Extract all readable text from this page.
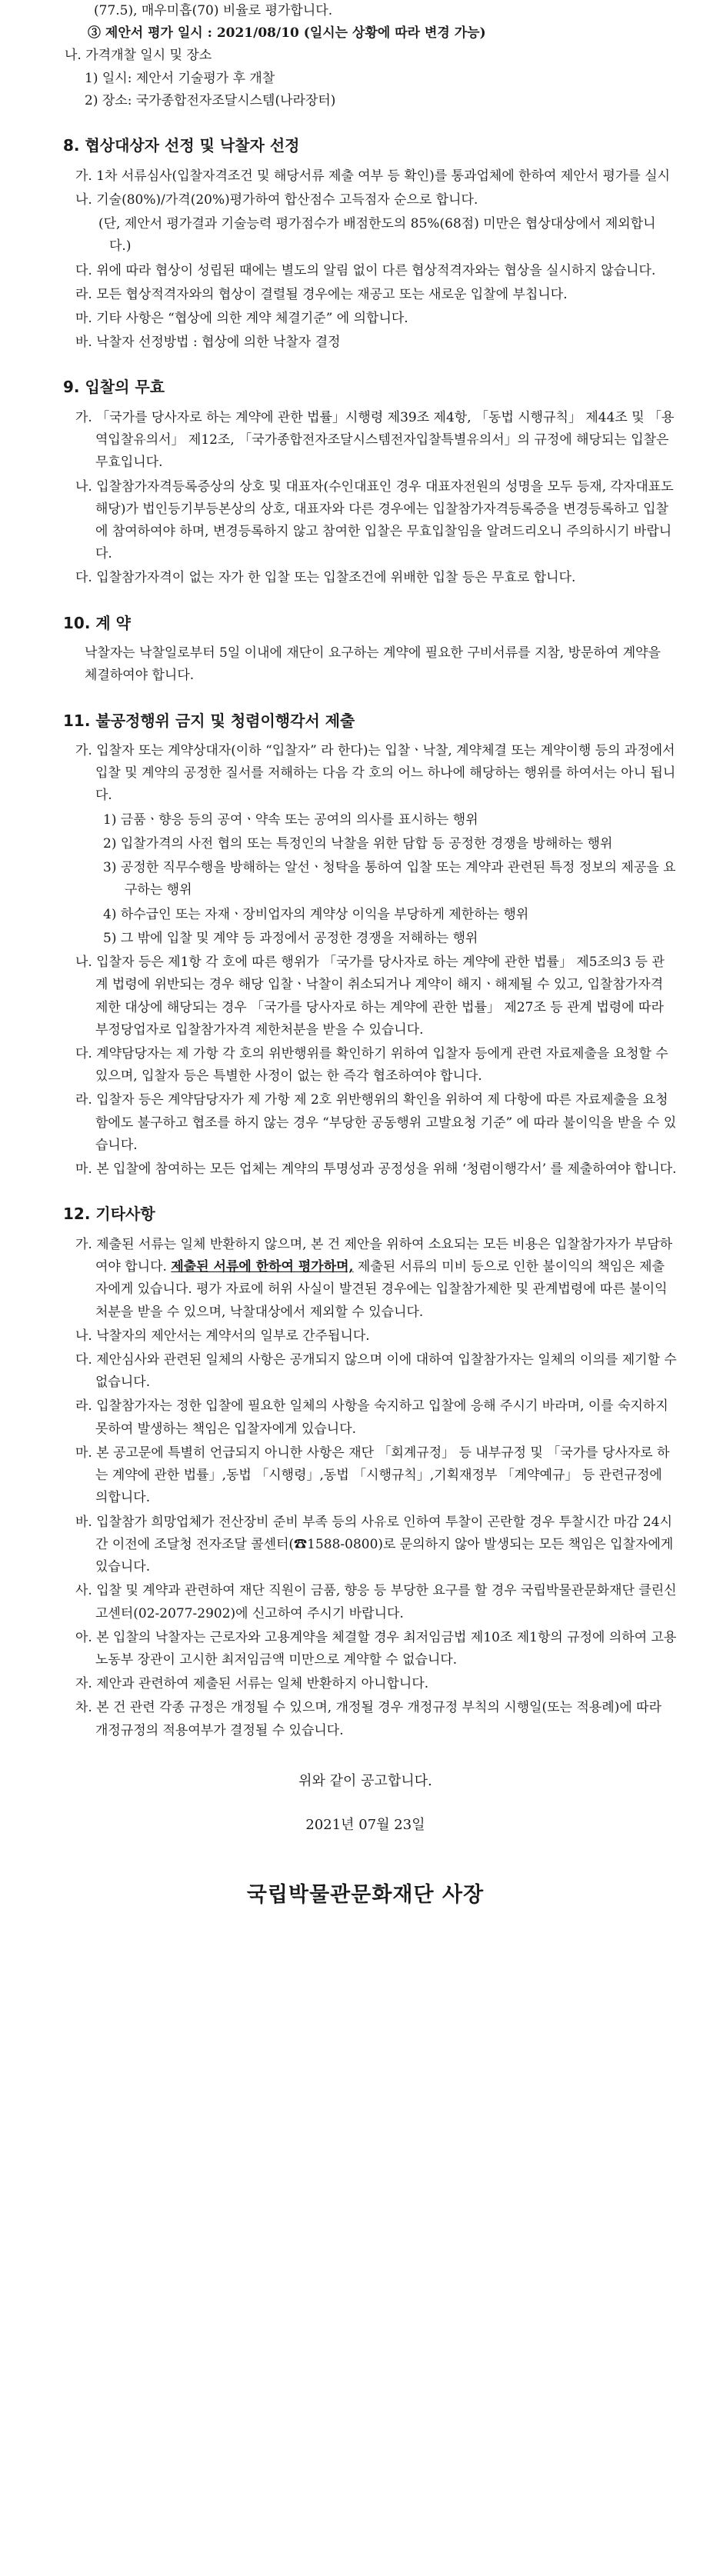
(77.5), 매우미흡(70) 비율로 평가합니다.

③ 제안서 평가 일시 : 2021/08/10 (일시는 상황에 따라 변경 가능)

나. 가격개찰 일시 및 장소

1) 일시: 제안서 기술평가 후 개찰

2) 장소: 국가종합전자조달시스템(나라장터)

8. 협상대상자 선정 및 낙찰자 선정

가. 1차 서류심사(입찰자격조건 및 해당서류 제출 여부 등 확인)를 통과업체에 한하여 제안서 평가를 실시

나. 기술(80%)/가격(20%)평가하여 합산점수 고득점자 순으로 합니다.

(단, 제안서 평가결과 기술능력 평가점수가 배점한도의 85%(68점) 미만은 협상대상에서 제외합니다.)

다. 위에 따라 협상이 성립된 때에는 별도의 알림 없이 다른 협상적격자와는 협상을 실시하지 않습니다.

라. 모든 협상적격자와의 협상이 결렬될 경우에는 재공고 또는 새로운 입찰에 부칩니다.

마. 기타 사항은 “협상에 의한 계약 체결기준” 에 의합니다.

바. 낙찰자 선정방법 : 협상에 의한 낙찰자 결정

9. 입찰의 무효

가. 「국가를 당사자로 하는 계약에 관한 법률」시행령 제39조 제4항, 「동법 시행규칙」 제44조 및 「용역입찰유의서」 제12조, 「국가종합전자조달시스템전자입찰특별유의서」의 규정에 해당되는 입찰은 무효입니다.

나. 입찰참가자격등록증상의 상호 및 대표자(수인대표인 경우 대표자전원의 성명을 모두 등재, 각자대표도 해당)가 법인등기부등본상의 상호, 대표자와 다른 경우에는 입찰참가자격등록증을 변경등록하고 입찰에 참여하여야 하며, 변경등록하지 않고 참여한 입찰은 무효입찰임을 알려드리오니 주의하시기 바랍니다.

다. 입찰참가자격이 없는 자가 한 입찰 또는 입찰조건에 위배한 입찰 등은 무효로 합니다.

10. 계 약

낙찰자는 낙찰일로부터 5일 이내에 재단이 요구하는 계약에 필요한 구비서류를 지참, 방문하여 계약을 체결하여야 합니다.

11. 불공정행위 금지 및 청렴이행각서 제출

가. 입찰자 또는 계약상대자(이하 “입찰자” 라 한다)는 입찰ㆍ낙찰, 계약체결 또는 계약이행 등의 과정에서 입찰 및 계약의 공정한 질서를 저해하는 다음 각 호의 어느 하나에 해당하는 행위를 하여서는 아니 됩니다.

1) 금품ㆍ향응 등의 공여ㆍ약속 또는 공여의 의사를 표시하는 행위

2) 입찰가격의 사전 협의 또는 특정인의 낙찰을 위한 담합 등 공정한 경쟁을 방해하는 행위

3) 공정한 직무수행을 방해하는 알선ㆍ청탁을 통하여 입찰 또는 계약과 관련된 특정 정보의 제공을 요구하는 행위

4) 하수급인 또는 자재ㆍ장비업자의 계약상 이익을 부당하게 제한하는 행위

5) 그 밖에 입찰 및 계약 등 과정에서 공정한 경쟁을 저해하는 행위

나. 입찰자 등은 제1항 각 호에 따른 행위가 「국가를 당사자로 하는 계약에 관한 법률」 제5조의3 등 관계 법령에 위반되는 경우 해당 입찰ㆍ낙찰이 취소되거나 계약이 해지ㆍ해제될 수 있고, 입찰참가자격 제한 대상에 해당되는 경우 「국가를 당사자로 하는 계약에 관한 법률」 제27조 등 관계 법령에 따라 부정당업자로 입찰참가자격 제한처분을 받을 수 있습니다.

다. 계약담당자는 제 가항 각 호의 위반행위를 확인하기 위하여 입찰자 등에게 관련 자료제출을 요청할 수 있으며, 입찰자 등은 특별한 사정이 없는 한 즉각 협조하여야 합니다.

라. 입찰자 등은 계약담당자가 제 가항 제 2호 위반행위의 확인을 위하여 제 다항에 따른 자료제출을 요청함에도 불구하고 협조를 하지 않는 경우 “부당한 공동행위 고발요청 기준” 에 따라 불이익을 받을 수 있습니다.

마. 본 입찰에 참여하는 모든 업체는 계약의 투명성과 공정성을 위해 ‘청렴이행각서’ 를 제출하여야 합니다.

12. 기타사항

가. 제출된 서류는 일체 반환하지 않으며, 본 건 제안을 위하여 소요되는 모든 비용은 입찰참가자가 부담하여야 합니다. 제출된 서류에 한하여 평가하며, 제출된 서류의 미비 등으로 인한 불이익의 책임은 제출자에게 있습니다. 평가 자료에 허위 사실이 발견된 경우에는 입찰참가제한 및 관계법령에 따른 불이익 처분을 받을 수 있으며, 낙찰대상에서 제외할 수 있습니다.

나. 낙찰자의 제안서는 계약서의 일부로 간주됩니다.

다. 제안심사와 관련된 일체의 사항은 공개되지 않으며 이에 대하여 입찰참가자는 일체의 이의를 제기할 수 없습니다.

라. 입찰참가자는 정한 입찰에 필요한 일체의 사항을 숙지하고 입찰에 응해 주시기 바라며, 이를 숙지하지 못하여 발생하는 책임은 입찰자에게 있습니다.

마. 본 공고문에 특별히 언급되지 아니한 사항은 재단 「회계규정」 등 내부규정 및 「국가를 당사자로 하는 계약에 관한 법률」,동법 「시행령」,동법 「시행규칙」,기획재정부 「계약예규」 등 관련규정에 의합니다.

바. 입찰참가 희망업체가 전산장비 준비 부족 등의 사유로 인하여 투찰이 곤란할 경우 투찰시간 마감 24시간 이전에 조달청 전자조달 콜센터(☎1588-0800)로 문의하지 않아 발생되는 모든 책임은 입찰자에게 있습니다.

사. 입찰 및 계약과 관련하여 재단 직원이 금품, 향응 등 부당한 요구를 할 경우 국립박물관문화재단 클린신고센터(02-2077-2902)에 신고하여 주시기 바랍니다.

아. 본 입찰의 낙찰자는 근로자와 고용계약을 체결할 경우 최저임금법 제10조 제1항의 규정에 의하여 고용노동부 장관이 고시한 최저임금액 미만으로 계약할 수 없습니다.

자. 제안과 관련하여 제출된 서류는 일체 반환하지 아니합니다.

차. 본 건 관련 각종 규정은 개정될 수 있으며, 개정될 경우 개정규정 부칙의 시행일(또는 적용례)에 따라 개정규정의 적용여부가 결정될 수 있습니다.

위와 같이 공고합니다.

2021년 07월 23일

국립박물관문화재단 사장
